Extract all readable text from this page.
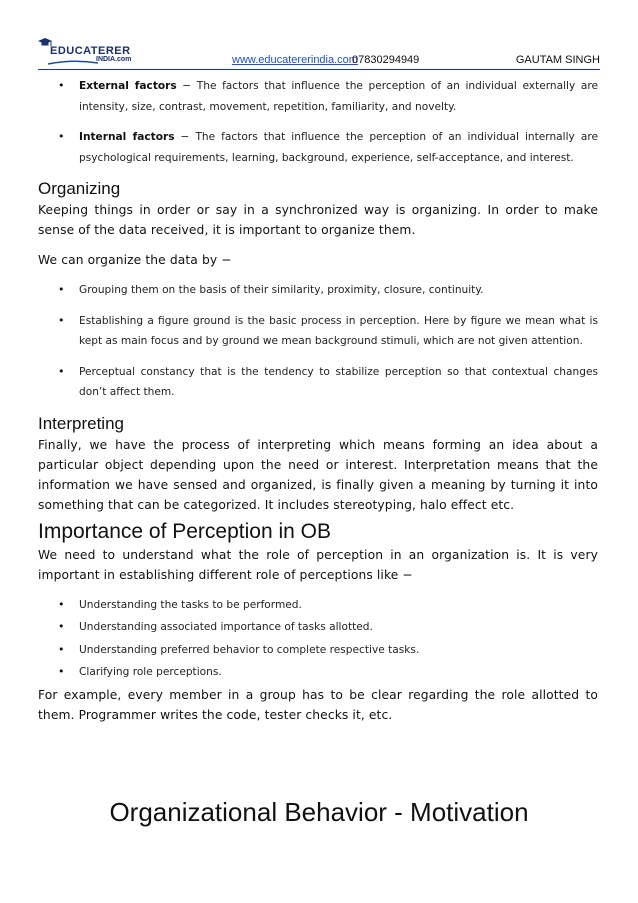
EDUCATERER
INDIA.com	www.educatererindia.com
07830294949	GAUTAM SINGH
• External factors − The factors that influence the perception of an individual externally are intensity, size, contrast, movement, repetition, familiarity, and novelty.
• Internal factors − The factors that influence the perception of an individual internally are psychological requirements, learning, background, experience, self-acceptance, and interest.
Organizing

Keeping things in order or say in a synchronized way is organizing. In order to make sense of the data received, it is important to organize them.

We can organize the data by −

• Grouping them on the basis of their similarity, proximity, closure, continuity.
• Establishing a figure ground is the basic process in perception. Here by figure we mean what is kept as main focus and by ground we mean background stimuli, which are not given attention.
• Perceptual constancy that is the tendency to stabilize perception so that contextual changes don’t affect them.
Interpreting

Finally, we have the process of interpreting which means forming an idea about a particular object depending upon the need or interest. Interpretation means that the information we have sensed and organized, is finally given a meaning by turning it into something that can be categorized. It includes stereotyping, halo effect etc.

Importance of Perception in OB

We need to understand what the role of perception in an organization is. It is very important in establishing different role of perceptions like −

• Understanding the tasks to be performed.
• Understanding associated importance of tasks allotted.
• Understanding preferred behavior to complete respective tasks.
• Clarifying role perceptions.

For example, every member in a group has to be clear regarding the role allotted to them. Programmer writes the code, tester checks it, etc.

Organizational Behavior - Motivation
